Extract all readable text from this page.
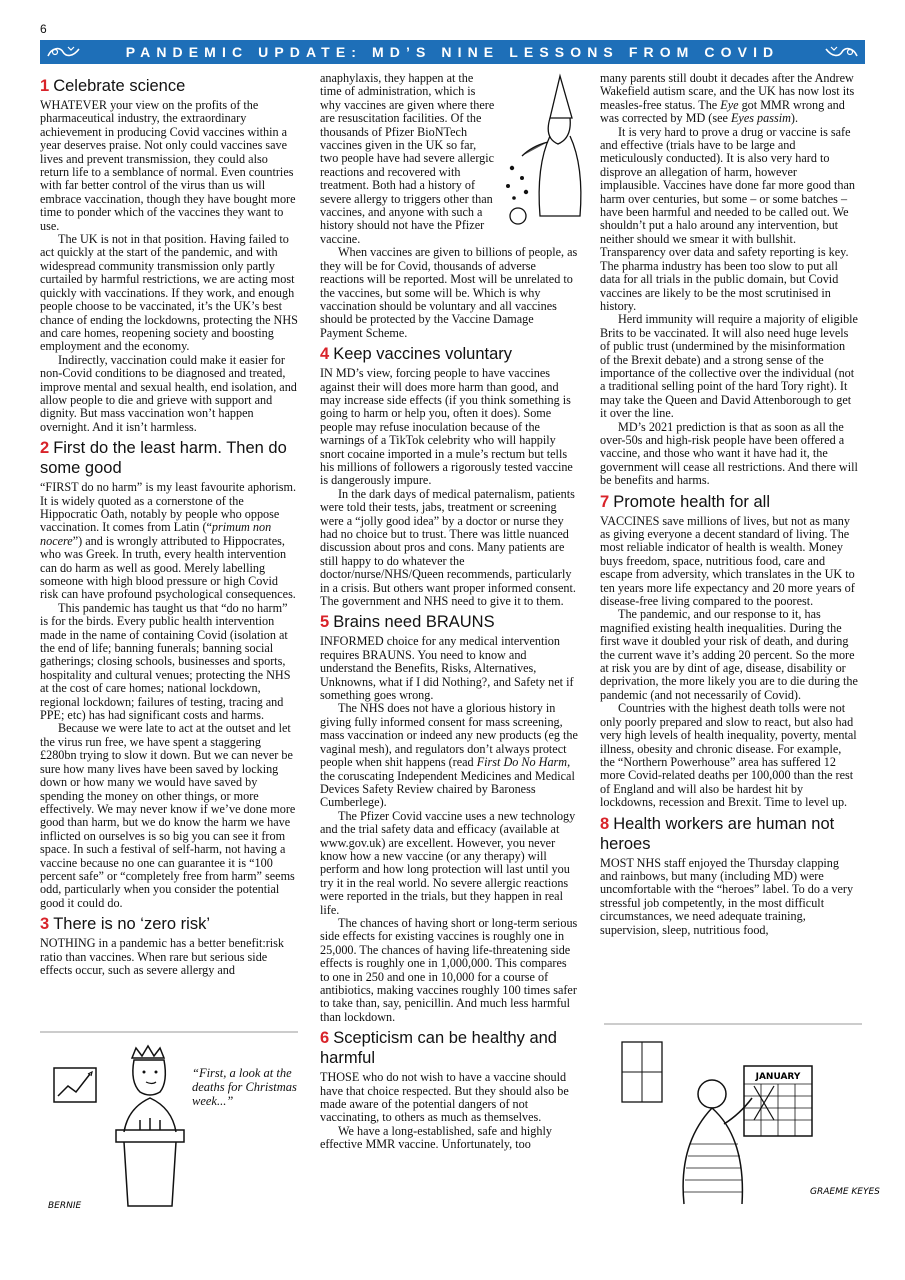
6
PANDEMIC UPDATE: MD’S NINE LESSONS FROM COVID
1 Celebrate science

WHATEVER your view on the profits of the pharmaceutical industry, the extraordinary achievement in producing Covid vaccines within a year deserves praise. Not only could vaccines save lives and prevent transmission, they could also return life to a semblance of normal. Even countries with far better control of the virus than us will embrace vaccination, though they have bought more time to ponder which of the vaccines they want to use.

The UK is not in that position. Having failed to act quickly at the start of the pandemic, and with widespread community transmission only partly curtailed by harmful restrictions, we are acting most quickly with vaccinations. If they work, and enough people choose to be vaccinated, it’s the UK’s best chance of ending the lockdowns, protecting the NHS and care homes, reopening society and boosting employment and the economy.

Indirectly, vaccination could make it easier for non-Covid conditions to be diagnosed and treated, improve mental and sexual health, end isolation, and allow people to die and grieve with support and dignity. But mass vaccination won’t happen overnight. And it isn’t harmless.

2 First do the least harm. Then do some good

“FIRST do no harm” is my least favourite aphorism. It is widely quoted as a cornerstone of the Hippocratic Oath, notably by people who oppose vaccination. It comes from Latin (“primum non nocere”) and is wrongly attributed to Hippocrates, who was Greek. In truth, every health intervention can do harm as well as good. Merely labelling someone with high blood pressure or high Covid risk can have profound psychological consequences.

This pandemic has taught us that “do no harm” is for the birds. Every public health intervention made in the name of containing Covid (isolation at the end of life; banning funerals; banning social gatherings; closing schools, businesses and sports, hospitality and cultural venues; protecting the NHS at the cost of care homes; national lockdown, regional lockdown; failures of testing, tracing and PPE; etc) has had significant costs and harms.

Because we were late to act at the outset and let the virus run free, we have spent a staggering £280bn trying to slow it down. But we can never be sure how many lives have been saved by locking down or how many we would have saved by spending the money on other things, or more effectively. We may never know if we’ve done more good than harm, but we do know the harm we have inflicted on ourselves is so big you can see it from space. In such a festival of self-harm, not having a vaccine because no one can guarantee it is “100 percent safe” or “completely free from harm” seems odd, particularly when you consider the potential good it could do.

3 There is no ‘zero risk’

NOTHING in a pandemic has a better benefit:risk ratio than vaccines. When rare but serious side effects occur, such as severe allergy and

BERNIE
“First, a look at the deaths for Christmas week...”

anaphylaxis, they happen at the time of administration, which is why vaccines are given where there are resuscitation facilities. Of the thousands of Pfizer BioNTech vaccines given in the UK so far, two people have had severe allergic reactions and recovered with treatment. Both had a history of severe allergy to triggers other than vaccines, and anyone with such a history should not have the Pfizer vaccine.

When vaccines are given to billions of people, as they will be for Covid, thousands of adverse reactions will be reported. Most will be unrelated to the vaccines, but some will be. Which is why vaccination should be voluntary and all vaccines should be protected by the Vaccine Damage Payment Scheme.

4 Keep vaccines voluntary

IN MD’s view, forcing people to have vaccines against their will does more harm than good, and may increase side effects (if you think something is going to harm or help you, often it does). Some people may refuse inoculation because of the warnings of a TikTok celebrity who will happily snort cocaine imported in a mule’s rectum but tells his millions of followers a rigorously tested vaccine is dangerously impure.

In the dark days of medical paternalism, patients were told their tests, jabs, treatment or screening were a “jolly good idea” by a doctor or nurse they had no choice but to trust. There was little nuanced discussion about pros and cons. Many patients are still happy to do whatever the doctor/nurse/NHS/Queen recommends, particularly in a crisis. But others want proper informed consent. The government and NHS need to give it to them.

5 Brains need BRAUNS

INFORMED choice for any medical intervention requires BRAUNS. You need to know and understand the Benefits, Risks, Alternatives, Unknowns, what if I did Nothing?, and Safety net if something goes wrong.

The NHS does not have a glorious history in giving fully informed consent for mass screening, mass vaccination or indeed any new products (eg the vaginal mesh), and regulators don’t always protect people when shit happens (read First Do No Harm, the coruscating Independent Medicines and Medical Devices Safety Review chaired by Baroness Cumberlege).

The Pfizer Covid vaccine uses a new technology and the trial safety data and efficacy (available at www.gov.uk) are excellent. However, you never know how a new vaccine (or any therapy) will perform and how long protection will last until you try it in the real world. No severe allergic reactions were reported in the trials, but they happen in real life.

The chances of having short or long-term serious side effects for existing vaccines is roughly one in 25,000. The chances of having life-threatening side effects is roughly one in 1,000,000. This compares to one in 250 and one in 10,000 for a course of antibiotics, making vaccines roughly 100 times safer to take than, say, penicillin. And much less harmful than lockdown.

6 Scepticism can be healthy and harmful

THOSE who do not wish to have a vaccine should have that choice respected. But they should also be made aware of the potential dangers of not vaccinating, to others as much as themselves.

We have a long-established, safe and highly effective MMR vaccine. Unfortunately, too

many parents still doubt it decades after the Andrew Wakefield autism scare, and the UK has now lost its measles-free status. The Eye got MMR wrong and was corrected by MD (see Eyes passim).

It is very hard to prove a drug or vaccine is safe and effective (trials have to be large and meticulously conducted). It is also very hard to disprove an allegation of harm, however implausible. Vaccines have done far more good than harm over centuries, but some – or some batches – have been harmful and needed to be called out. We shouldn’t put a halo around any intervention, but neither should we smear it with bullshit. Transparency over data and safety reporting is key. The pharma industry has been too slow to put all data for all trials in the public domain, but Covid vaccines are likely to be the most scrutinised in history.

Herd immunity will require a majority of eligible Brits to be vaccinated. It will also need huge levels of public trust (undermined by the misinformation of the Brexit debate) and a strong sense of the importance of the collective over the individual (not a traditional selling point of the hard Tory right). It may take the Queen and David Attenborough to get it over the line.

MD’s 2021 prediction is that as soon as all the over-50s and high-risk people have been offered a vaccine, and those who want it have had it, the government will cease all restrictions. And there will be benefits and harms.

7 Promote health for all

VACCINES save millions of lives, but not as many as giving everyone a decent standard of living. The most reliable indicator of health is wealth. Money buys freedom, space, nutritious food, care and escape from adversity, which translates in the UK to ten years more life expectancy and 20 more years of disease-free living compared to the poorest.

The pandemic, and our response to it, has magnified existing health inequalities. During the first wave it doubled your risk of death, and during the current wave it’s adding 20 percent. So the more at risk you are by dint of age, disease, disability or deprivation, the more likely you are to die during the pandemic (and not necessarily of Covid).

Countries with the highest death tolls were not only poorly prepared and slow to react, but also had very high levels of health inequality, poverty, mental illness, obesity and chronic disease. For example, the “Northern Powerhouse” area has suffered 12 more Covid-related deaths per 100,000 than the rest of England and will also be hardest hit by lockdowns, recession and Brexit. Time to level up.

8 Health workers are human not heroes

MOST NHS staff enjoyed the Thursday clapping and rainbows, but many (including MD) were uncomfortable with the “heroes” label. To do a very stressful job competently, in the most difficult circumstances, we need adequate training, supervision, sleep, nutritious food,

JANUARY
GRAEME KEYES
